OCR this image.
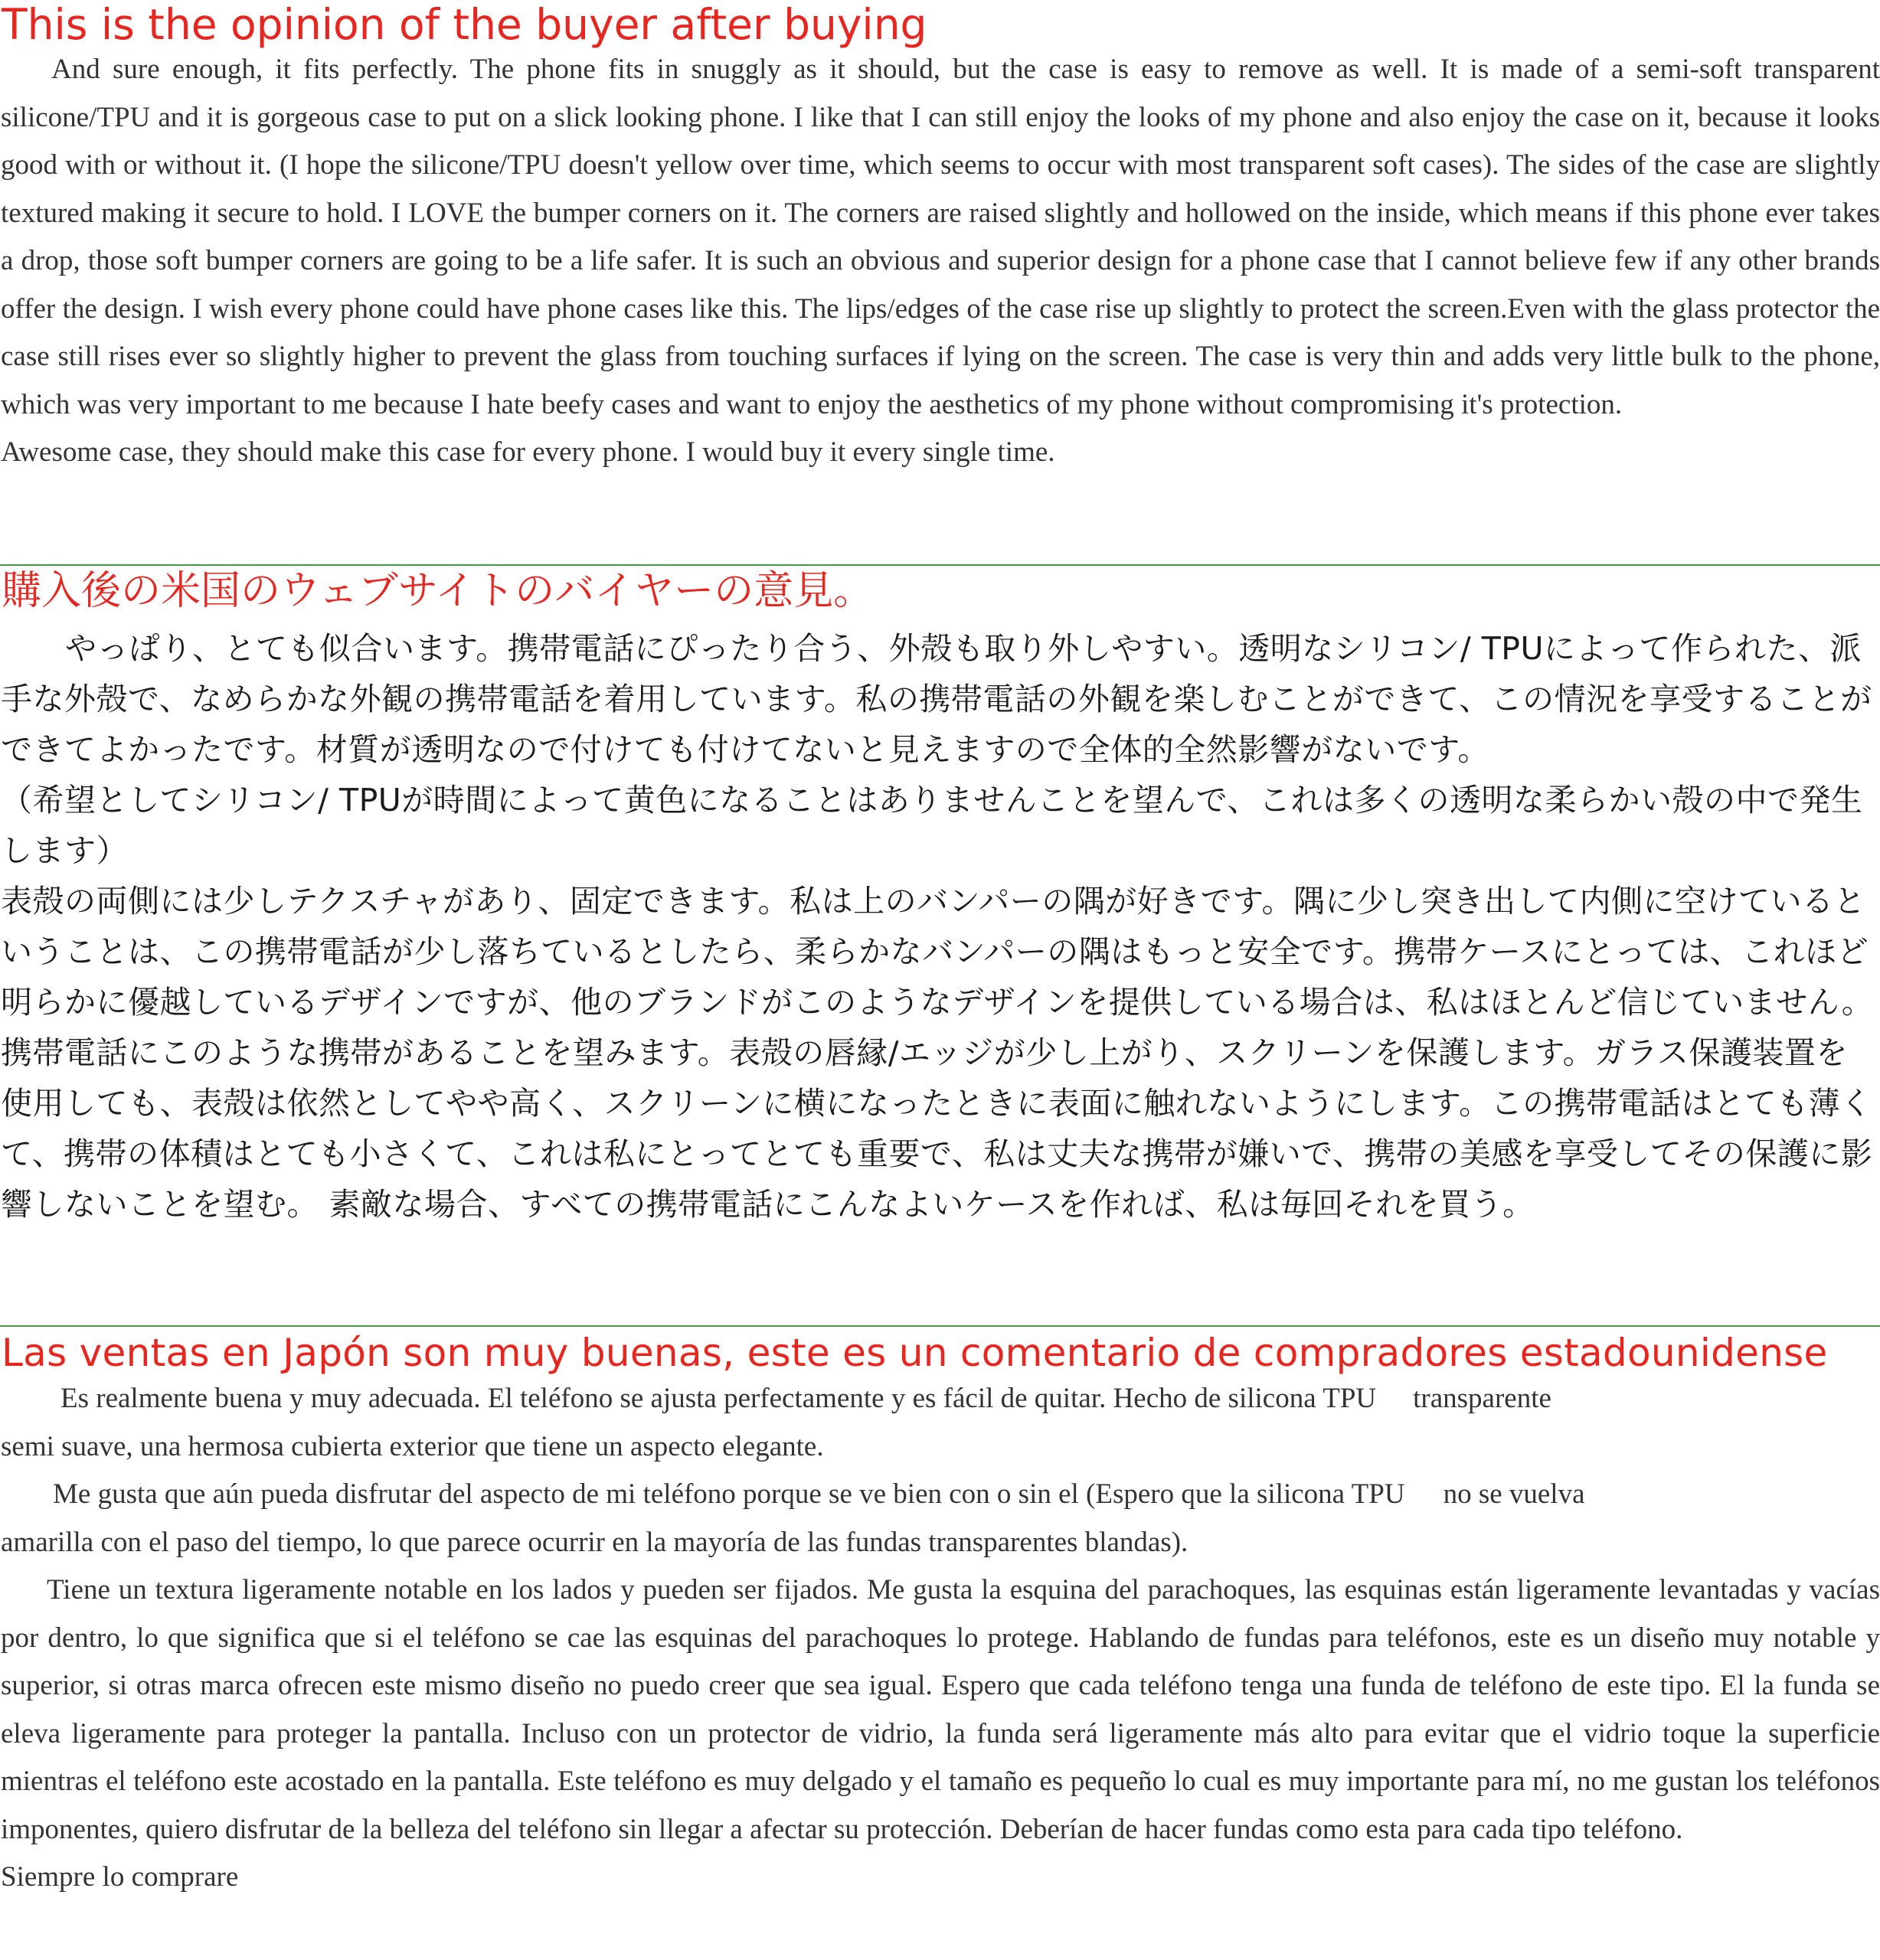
This is the opinion of the buyer after buying

And sure enough, it fits perfectly. The phone fits in snuggly as it should, but the case is easy to remove as well. It is made of a semi-soft transparent silicone/TPU and it is gorgeous case to put on a slick looking phone. I like that I can still enjoy the looks of my phone and also enjoy the case on it, because it looks good with or without it. (I hope the silicone/TPU doesn't yellow over time, which seems to occur with most transparent soft cases). The sides of the case are slightly textured making it secure to hold. I LOVE the bumper corners on it. The corners are raised slightly and hollowed on the inside, which means if this phone ever takes a drop, those soft bumper corners are going to be a life safer. It is such an obvious and superior design for a phone case that I cannot believe few if any other brands offer the design. I wish every phone could have phone cases like this. The lips/edges of the case rise up slightly to protect the screen.Even with the glass protector the case still rises ever so slightly higher to prevent the glass from touching surfaces if lying on the screen. The case is very thin and adds very little bulk to the phone, which was very important to me because I hate beefy cases and want to enjoy the aesthetics of my phone without compromising it's protection.

Awesome case, they should make this case for every phone. I would buy it every single time.

購入後の米国のウェブサイトのバイヤーの意見。

やっぱり、とても似合います。携帯電話にぴったり合う、外殻も取り外しやすい。透明なシリコン/ TPUによって作られた、派手な外殻で、なめらかな外観の携帯電話を着用しています。私の携帯電話の外観を楽しむことができて、この情況を享受することができてよかったです。材質が透明なので付けても付けてないと見えますので全体的全然影響がないです。

（希望としてシリコン/ TPUが時間によって黄色になることはありませんことを望んで、これは多くの透明な柔らかい殻の中で発生します）

表殻の両側には少しテクスチャがあり、固定できます。私は上のバンパーの隅が好きです。隅に少し突き出して内側に空けているということは、この携帯電話が少し落ちているとしたら、柔らかなバンパーの隅はもっと安全です。携帯ケースにとっては、これほど明らかに優越しているデザインですが、他のブランドがこのようなデザインを提供している場合は、私はほとんど信じていません。携帯電話にこのような携帯があることを望みます。表殻の唇縁/エッジが少し上がり、スクリーンを保護します。ガラス保護装置を使用しても、表殻は依然としてやや高く、スクリーンに横になったときに表面に触れないようにします。この携帯電話はとても薄くて、携帯の体積はとても小さくて、これは私にとってとても重要で、私は丈夫な携帯が嫌いで、携帯の美感を享受してその保護に影響しないことを望む。 素敵な場合、すべての携帯電話にこんなよいケースを作れば、私は毎回それを買う。

Las ventas en Japón son muy buenas, este es un comentario de compradores estadounidense

Es realmente buena y muy adecuada. El teléfono se ajusta perfectamente y es fácil de quitar. Hecho de silicona TPU transparente
semi suave, una hermosa cubierta exterior que tiene un aspecto elegante.

Me gusta que aún pueda disfrutar del aspecto de mi teléfono porque se ve bien con o sin el (Espero que la silicona TPU no se vuelva
amarilla con el paso del tiempo, lo que parece ocurrir en la mayoría de las fundas transparentes blandas).

Tiene un textura ligeramente notable en los lados y pueden ser fijados. Me gusta la esquina del parachoques, las esquinas están ligeramente levantadas y vacías por dentro, lo que significa que si el teléfono se cae las esquinas del parachoques lo protege. Hablando de fundas para teléfonos, este es un diseño muy notable y superior, si otras marca ofrecen este mismo diseño no puedo creer que sea igual. Espero que cada teléfono tenga una funda de teléfono de este tipo. El la funda se eleva ligeramente para proteger la pantalla. Incluso con un protector de vidrio, la funda será ligeramente más alto para evitar que el vidrio toque la superficie mientras el teléfono este acostado en la pantalla. Este teléfono es muy delgado y el tamaño es pequeño lo cual es muy importante para mí, no me gustan los teléfonos imponentes, quiero disfrutar de la belleza del teléfono sin llegar a afectar su protección. Deberían de hacer fundas como esta para cada tipo teléfono.

Siempre lo comprare
